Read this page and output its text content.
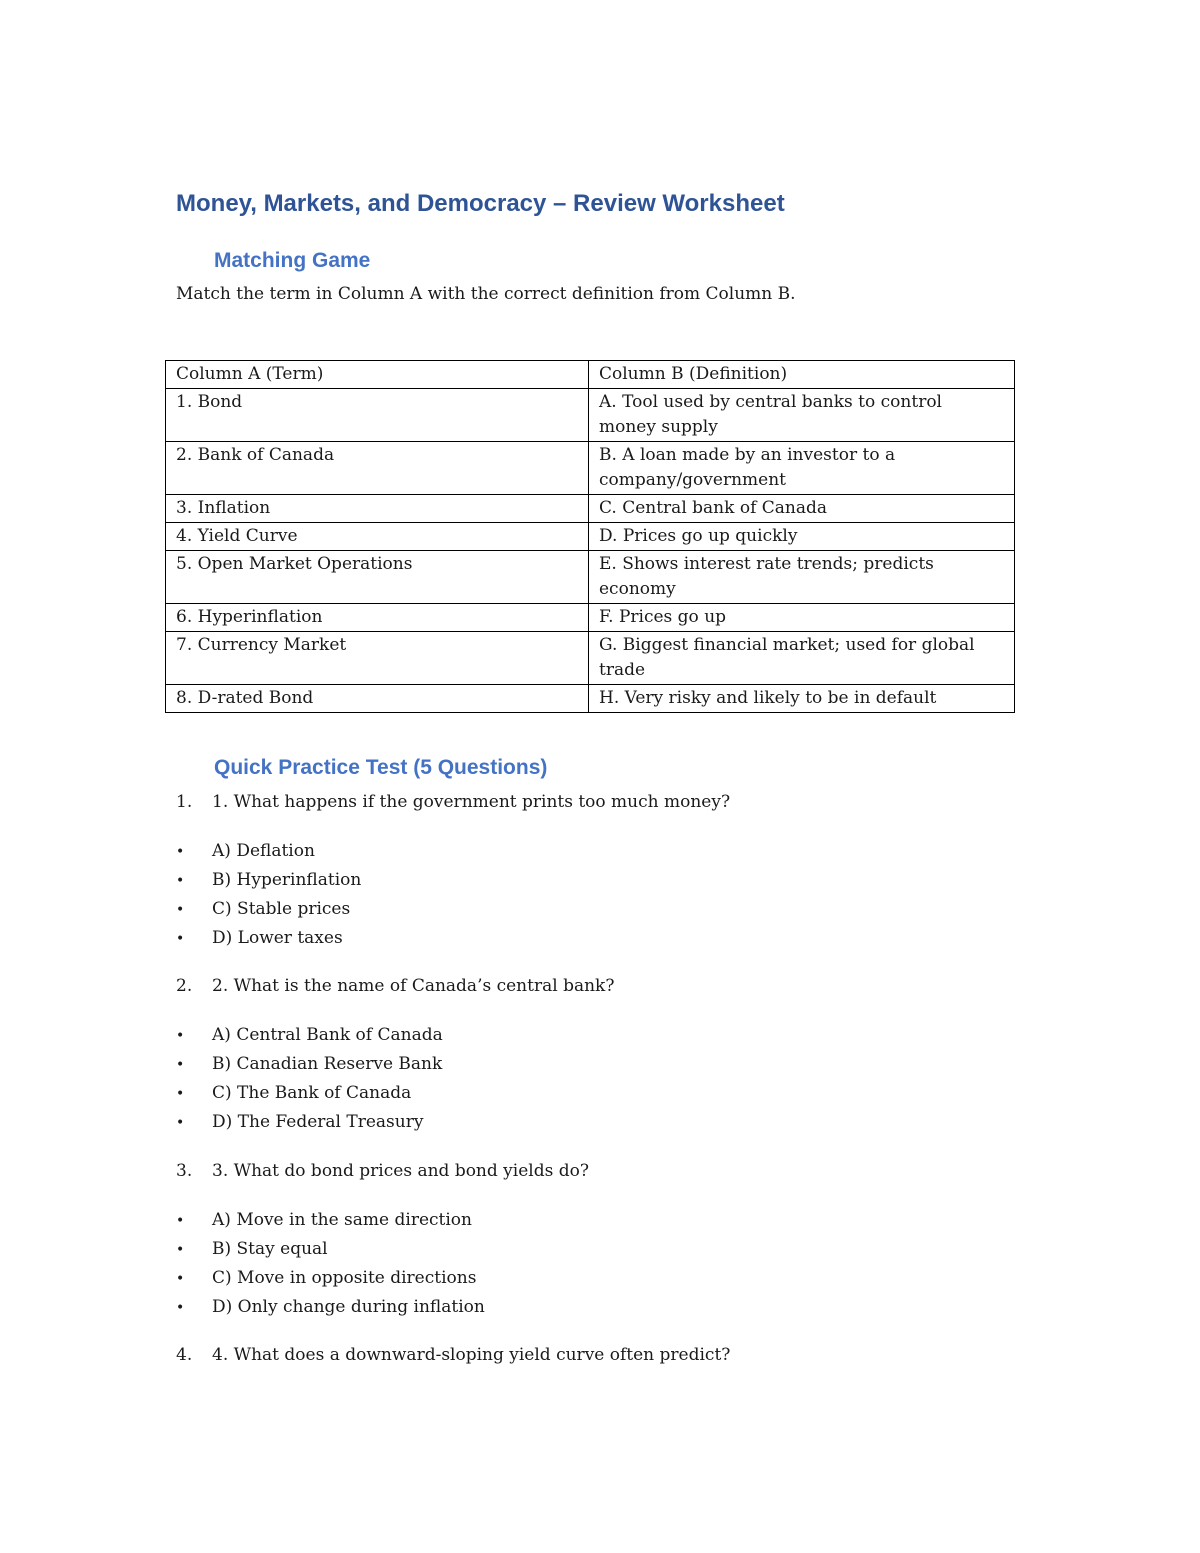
Money, Markets, and Democracy – Review Worksheet
Matching Game
Match the term in Column A with the correct definition from Column B.
Column A (Term)	Column B (Definition)
1. Bond	A. Tool used by central banks to control money supply
2. Bank of Canada	B. A loan made by an investor to a company/government
3. Inflation	C. Central bank of Canada
4. Yield Curve	D. Prices go up quickly
5. Open Market Operations	E. Shows interest rate trends; predicts economy
6. Hyperinflation	F. Prices go up
7. Currency Market	G. Biggest financial market; used for global trade
8. D-rated Bond	H. Very risky and likely to be in default
Quick Practice Test (5 Questions)
1. 1. What happens if the government prints too much money?
• A) Deflation
• B) Hyperinflation
• C) Stable prices
• D) Lower taxes
2. 2. What is the name of Canada’s central bank?
• A) Central Bank of Canada
• B) Canadian Reserve Bank
• C) The Bank of Canada
• D) The Federal Treasury
3. 3. What do bond prices and bond yields do?
• A) Move in the same direction
• B) Stay equal
• C) Move in opposite directions
• D) Only change during inflation
4. 4. What does a downward-sloping yield curve often predict?
